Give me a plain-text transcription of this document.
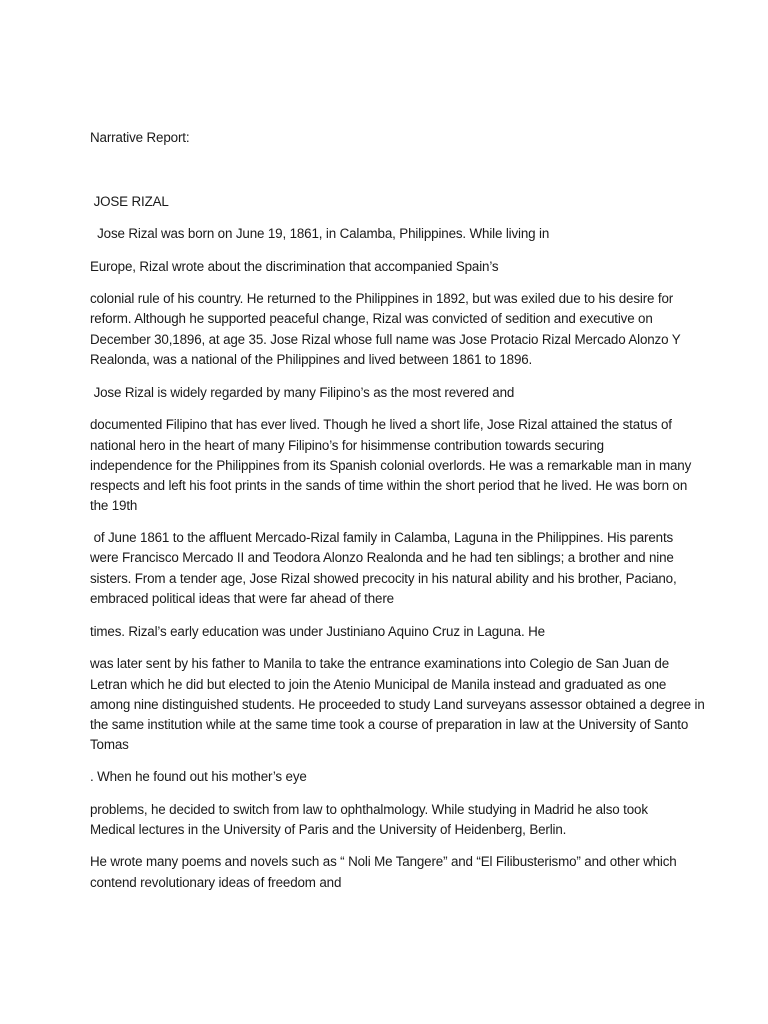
Narrative Report:
JOSE RIZAL
Jose Rizal was born on June 19, 1861, in Calamba, Philippines. While living in
Europe, Rizal wrote about the discrimination that accompanied Spain’s
colonial rule of his country. He returned to the Philippines in 1892, but was exiled due to his desire for
reform. Although he supported peaceful change, Rizal was convicted of sedition and executive on
December 30,1896, at age 35. Jose Rizal whose full name was Jose Protacio Rizal Mercado Alonzo Y
Realonda, was a national of the Philippines and lived between 1861 to 1896.
Jose Rizal is widely regarded by many Filipino’s as the most revered and
documented Filipino that has ever lived. Though he lived a short life, Jose Rizal attained the status of
national hero in the heart of many Filipino’s for hisimmense contribution towards securing
independence for the Philippines from its Spanish colonial overlords. He was a remarkable man in many
respects and left his foot prints in the sands of time within the short period that he lived. He was born on
the 19th
of June 1861 to the affluent Mercado-Rizal family in Calamba, Laguna in the Philippines. His parents
were Francisco Mercado II and Teodora Alonzo Realonda and he had ten siblings; a brother and nine
sisters. From a tender age, Jose Rizal showed precocity in his natural ability and his brother, Paciano,
embraced political ideas that were far ahead of there
times. Rizal’s early education was under Justiniano Aquino Cruz in Laguna. He
was later sent by his father to Manila to take the entrance examinations into Colegio de San Juan de
Letran which he did but elected to join the Atenio Municipal de Manila instead and graduated as one
among nine distinguished students. He proceeded to study Land surveyans assessor obtained a degree in
the same institution while at the same time took a course of preparation in law at the University of Santo
Tomas
. When he found out his mother’s eye
problems, he decided to switch from law to ophthalmology. While studying in Madrid he also took
Medical lectures in the University of Paris and the University of Heidenberg, Berlin.
He wrote many poems and novels such as “ Noli Me Tangere” and “El Filibusterismo” and other which
contend revolutionary ideas of freedom and
